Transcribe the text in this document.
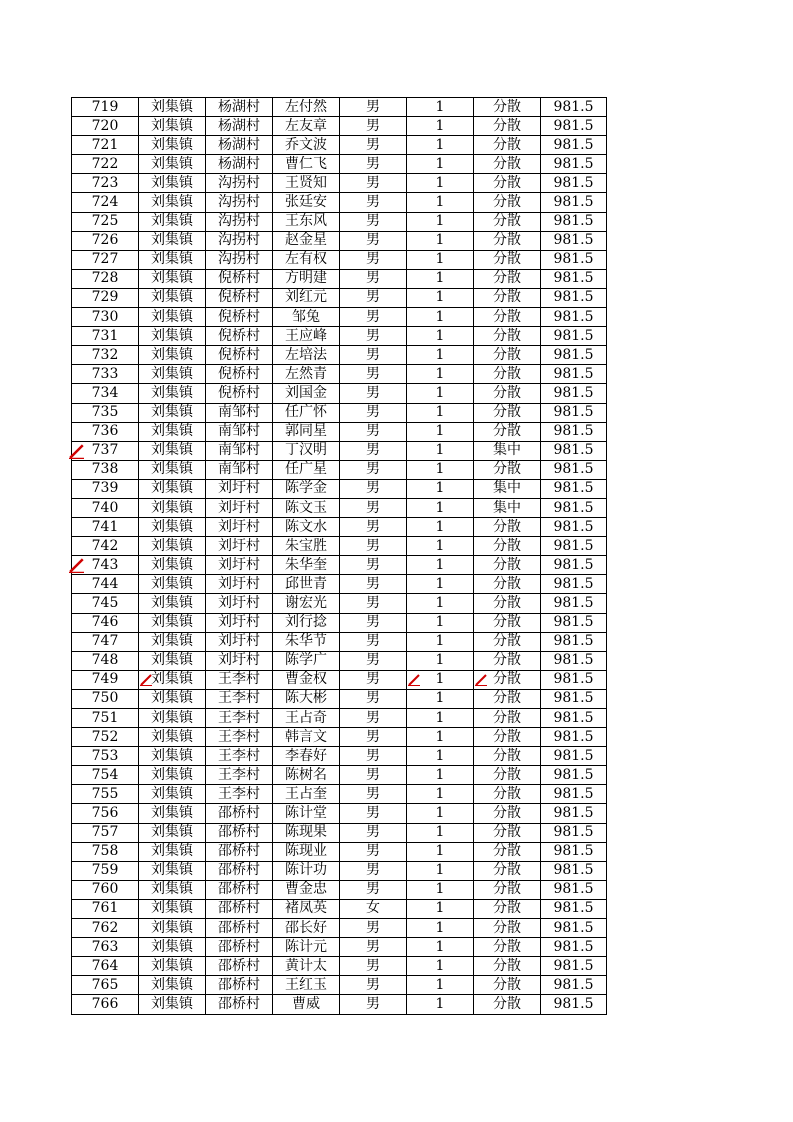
719	刘集镇	杨湖村	左付然	男	1	分散	981.5
720	刘集镇	杨湖村	左友章	男	1	分散	981.5
721	刘集镇	杨湖村	乔文波	男	1	分散	981.5
722	刘集镇	杨湖村	曹仁飞	男	1	分散	981.5
723	刘集镇	沟拐村	王贤知	男	1	分散	981.5
724	刘集镇	沟拐村	张廷安	男	1	分散	981.5
725	刘集镇	沟拐村	王东风	男	1	分散	981.5
726	刘集镇	沟拐村	赵金星	男	1	分散	981.5
727	刘集镇	沟拐村	左有权	男	1	分散	981.5
728	刘集镇	倪桥村	方明建	男	1	分散	981.5
729	刘集镇	倪桥村	刘红元	男	1	分散	981.5
730	刘集镇	倪桥村	邹兔	男	1	分散	981.5
731	刘集镇	倪桥村	王应峰	男	1	分散	981.5
732	刘集镇	倪桥村	左培法	男	1	分散	981.5
733	刘集镇	倪桥村	左然青	男	1	分散	981.5
734	刘集镇	倪桥村	刘国金	男	1	分散	981.5
735	刘集镇	南邹村	任广怀	男	1	分散	981.5
736	刘集镇	南邹村	郭同星	男	1	分散	981.5
737	刘集镇	南邹村	丁汉明	男	1	集中	981.5
738	刘集镇	南邹村	任广星	男	1	分散	981.5
739	刘集镇	刘圩村	陈学金	男	1	集中	981.5
740	刘集镇	刘圩村	陈文玉	男	1	集中	981.5
741	刘集镇	刘圩村	陈文水	男	1	分散	981.5
742	刘集镇	刘圩村	朱宝胜	男	1	分散	981.5
743	刘集镇	刘圩村	朱华奎	男	1	分散	981.5
744	刘集镇	刘圩村	邱世青	男	1	分散	981.5
745	刘集镇	刘圩村	谢宏光	男	1	分散	981.5
746	刘集镇	刘圩村	刘行捻	男	1	分散	981.5
747	刘集镇	刘圩村	朱华节	男	1	分散	981.5
748	刘集镇	刘圩村	陈学广	男	1	分散	981.5
749	刘集镇	王李村	曹金权	男	1	分散	981.5
750	刘集镇	王李村	陈大彬	男	1	分散	981.5
751	刘集镇	王李村	王占奇	男	1	分散	981.5
752	刘集镇	王李村	韩言文	男	1	分散	981.5
753	刘集镇	王李村	李春好	男	1	分散	981.5
754	刘集镇	王李村	陈树名	男	1	分散	981.5
755	刘集镇	王李村	王占奎	男	1	分散	981.5
756	刘集镇	邵桥村	陈计堂	男	1	分散	981.5
757	刘集镇	邵桥村	陈现果	男	1	分散	981.5
758	刘集镇	邵桥村	陈现业	男	1	分散	981.5
759	刘集镇	邵桥村	陈计功	男	1	分散	981.5
760	刘集镇	邵桥村	曹金忠	男	1	分散	981.5
761	刘集镇	邵桥村	褚凤英	女	1	分散	981.5
762	刘集镇	邵桥村	邵长好	男	1	分散	981.5
763	刘集镇	邵桥村	陈计元	男	1	分散	981.5
764	刘集镇	邵桥村	黄计太	男	1	分散	981.5
765	刘集镇	邵桥村	王红玉	男	1	分散	981.5
766	刘集镇	邵桥村	曹威	男	1	分散	981.5
